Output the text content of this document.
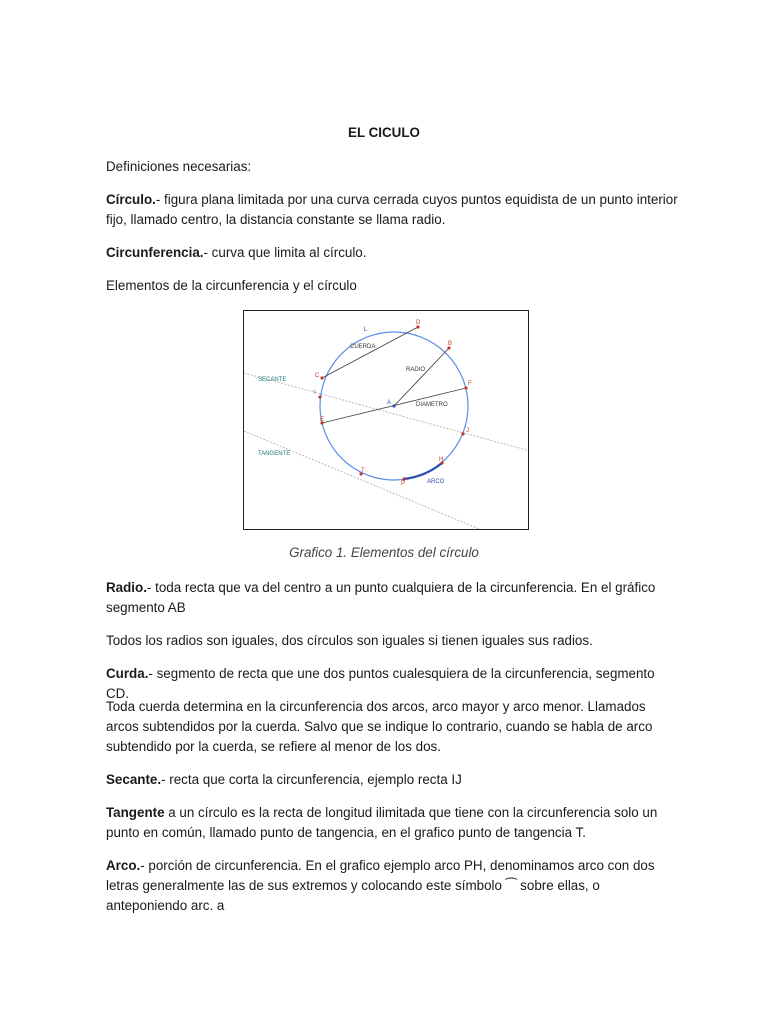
EL CICULO

Definiciones necesarias:

Círculo.- figura plana limitada por una curva cerrada cuyos puntos equidista de un punto interior fijo, llamado centro, la distancia constante se llama radio.

Circunferencia.- curva que limita al círculo.

Elementos de la circunferencia y el círculo

SECANTE
TANGENTE
CUERDA
RADIO
DIAMETRO
ARCO
A
B
C
D
E
F
H
I
J
P
T
L

Grafico 1. Elementos del círculo

Radio.- toda recta que va del centro a un punto cualquiera de la circunferencia. En el gráfico segmento AB

Todos los radios son iguales, dos círculos son iguales si tienen iguales sus radios.

Curda.- segmento de recta que une dos puntos cualesquiera de la circunferencia, segmento CD.

Toda cuerda determina en la circunferencia dos arcos, arco mayor y arco menor. Llamados arcos subtendidos por la cuerda. Salvo que se indique lo contrario, cuando se habla de arco subtendido por la cuerda, se refiere al menor de los dos.

Secante.- recta que corta la circunferencia, ejemplo recta IJ

Tangente a un círculo es la recta de longitud ilimitada que tiene con la circunferencia solo un punto en común, llamado punto de tangencia, en el grafico punto de tangencia T.

Arco.- porción de circunferencia. En el grafico ejemplo arco PH, denominamos arco con dos letras generalmente las de sus extremos y colocando este símbolo ⁀ sobre ellas, o anteponiendo arc. a
